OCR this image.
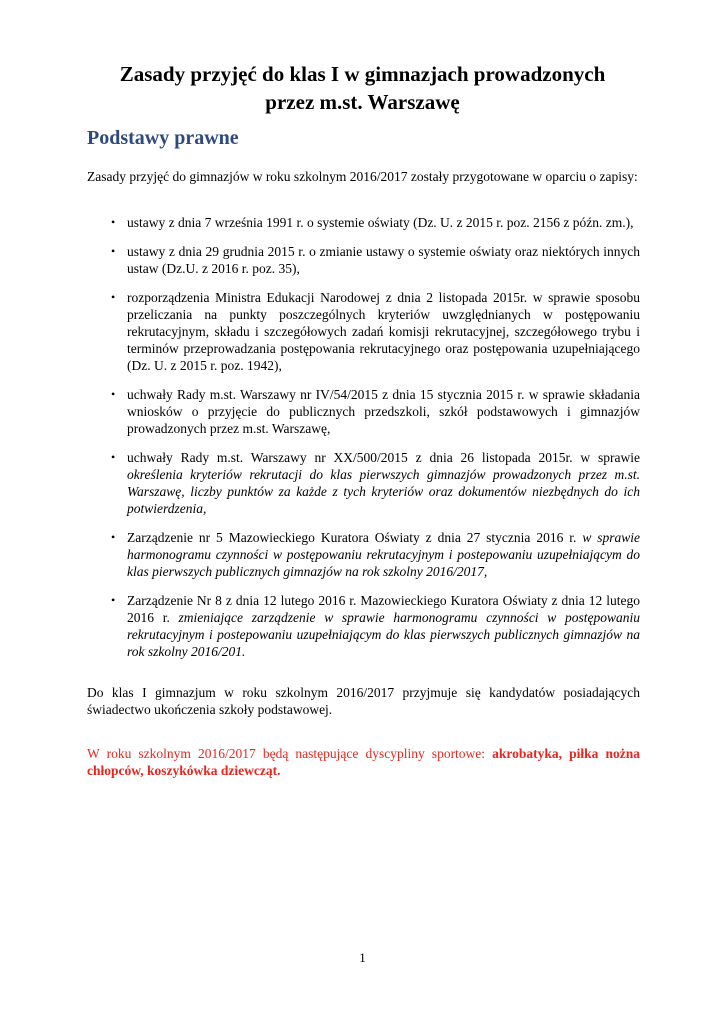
Zasady przyjęć do klas I w gimnazjach prowadzonych
przez m.st. Warszawę
Podstawy prawne

Zasady przyjęć do gimnazjów w roku szkolnym 2016/2017 zostały przygotowane w oparciu o zapisy:

• ustawy z dnia 7 września 1991 r. o systemie oświaty (Dz. U. z 2015 r. poz. 2156 z późn. zm.),
• ustawy z dnia 29 grudnia 2015 r. o zmianie ustawy o systemie oświaty oraz niektórych innych ustaw (Dz.U. z 2016 r. poz. 35),
• rozporządzenia Ministra Edukacji Narodowej z dnia 2 listopada 2015r. w sprawie sposobu przeliczania na punkty poszczególnych kryteriów uwzględnianych w postępowaniu rekrutacyjnym, składu i szczegółowych zadań komisji rekrutacyjnej, szczegółowego trybu i terminów przeprowadzania postępowania rekrutacyjnego oraz postępowania uzupełniającego (Dz. U. z 2015 r. poz. 1942),
• uchwały Rady m.st. Warszawy nr IV/54/2015 z dnia 15 stycznia 2015 r. w sprawie składania wniosków o przyjęcie do publicznych przedszkoli, szkół podstawowych i gimnazjów prowadzonych przez m.st. Warszawę,
• uchwały Rady m.st. Warszawy nr XX/500/2015 z dnia 26 listopada 2015r. w sprawie określenia kryteriów rekrutacji do klas pierwszych gimnazjów prowadzonych przez m.st. Warszawę, liczby punktów za każde z tych kryteriów oraz dokumentów niezbędnych do ich potwierdzenia,
• Zarządzenie nr 5 Mazowieckiego Kuratora Oświaty z dnia 27 stycznia 2016 r. w sprawie harmonogramu czynności w postępowaniu rekrutacyjnym i postepowaniu uzupełniającym do klas pierwszych publicznych gimnazjów na rok szkolny 2016/2017,
• Zarządzenie Nr 8 z dnia 12 lutego 2016 r. Mazowieckiego Kuratora Oświaty z dnia 12 lutego 2016 r. zmieniające zarządzenie w sprawie harmonogramu czynności w postępowaniu rekrutacyjnym i postepowaniu uzupełniającym do klas pierwszych publicznych gimnazjów na rok szkolny 2016/201.

Do klas I gimnazjum w roku szkolnym 2016/2017 przyjmuje się kandydatów posiadających świadectwo ukończenia szkoły podstawowej.

W roku szkolnym 2016/2017 będą następujące dyscypliny sportowe: akrobatyka, piłka nożna chłopców, koszykówka dziewcząt.

1
